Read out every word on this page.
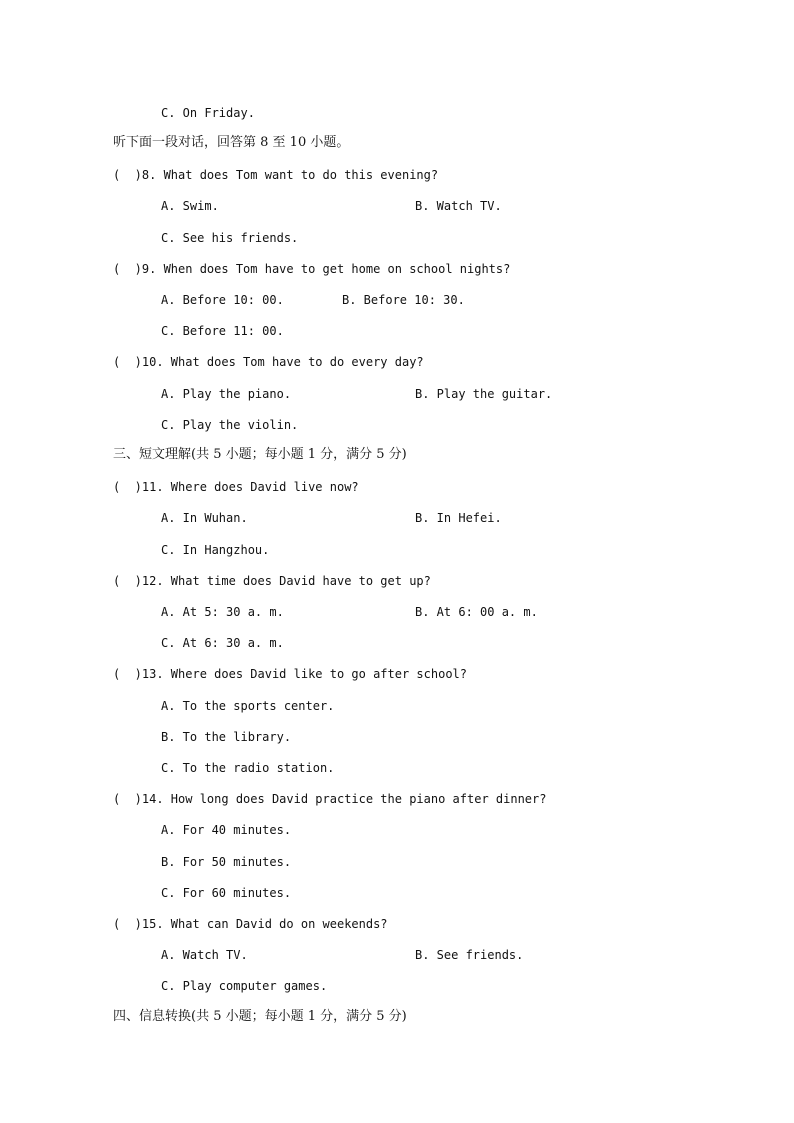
C. On Friday.
听下面一段对话，回答第 8 至 10 小题。
(  )8. What does Tom want to do this evening?
A. Swim.	B. Watch TV.
C. See his friends.
(  )9. When does Tom have to get home on school nights?
A. Before 10: 00.	B. Before 10: 30.
C. Before 11: 00.
(  )10. What does Tom have to do every day?
A. Play the piano.	B. Play the guitar.
C. Play the violin.
三、短文理解(共 5 小题；每小题 1 分，满分 5 分)
(  )11. Where does David live now?
A. In Wuhan.	B. In Hefei.
C. In Hangzhou.
(  )12. What time does David have to get up?
A. At 5: 30 a. m.	B. At 6: 00 a. m.
C. At 6: 30 a. m.
(  )13. Where does David like to go after school?
A. To the sports center.
B. To the library.
C. To the radio station.
(  )14. How long does David practice the piano after dinner?
A. For 40 minutes.
B. For 50 minutes.
C. For 60 minutes.
(  )15. What can David do on weekends?
A. Watch TV.	B. See friends.
C. Play computer games.
四、信息转换(共 5 小题；每小题 1 分，满分 5 分)
